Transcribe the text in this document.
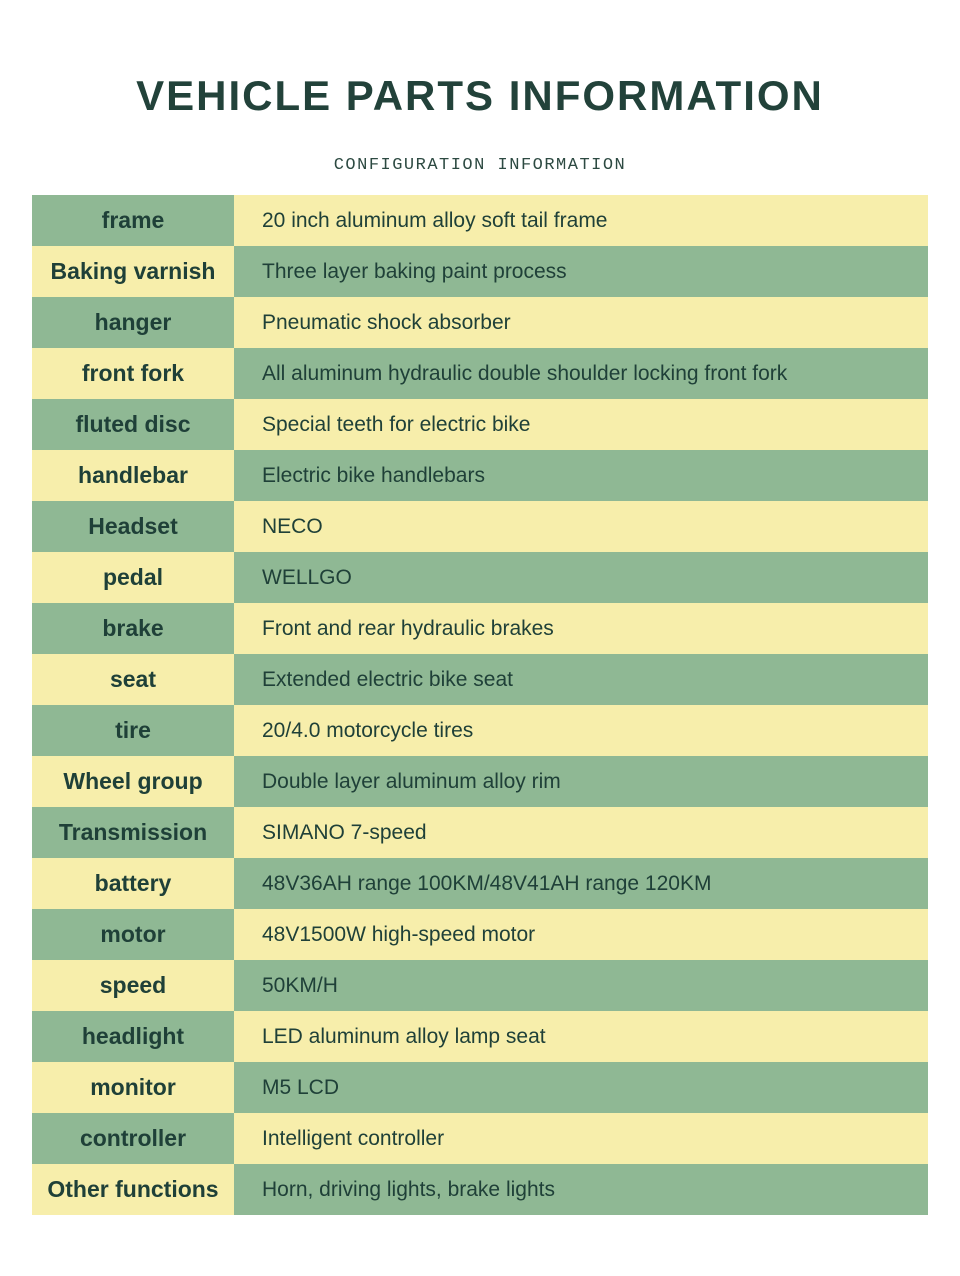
VEHICLE PARTS INFORMATION
CONFIGURATION INFORMATION
frame	20 inch aluminum alloy soft tail frame
Baking varnish	Three layer baking paint process
hanger	Pneumatic shock absorber
front fork	All aluminum hydraulic double shoulder locking front fork
fluted disc	Special teeth for electric bike
handlebar	Electric bike handlebars
Headset	NECO
pedal	WELLGO
brake	Front and rear hydraulic brakes
seat	Extended electric bike seat
tire	20/4.0 motorcycle tires
Wheel group	Double layer aluminum alloy rim
Transmission	SIMANO 7-speed
battery	48V36AH range 100KM/48V41AH range 120KM
motor	48V1500W high-speed motor
speed	50KM/H
headlight	LED aluminum alloy lamp seat
monitor	M5 LCD
controller	Intelligent controller
Other functions	Horn, driving lights, brake lights
